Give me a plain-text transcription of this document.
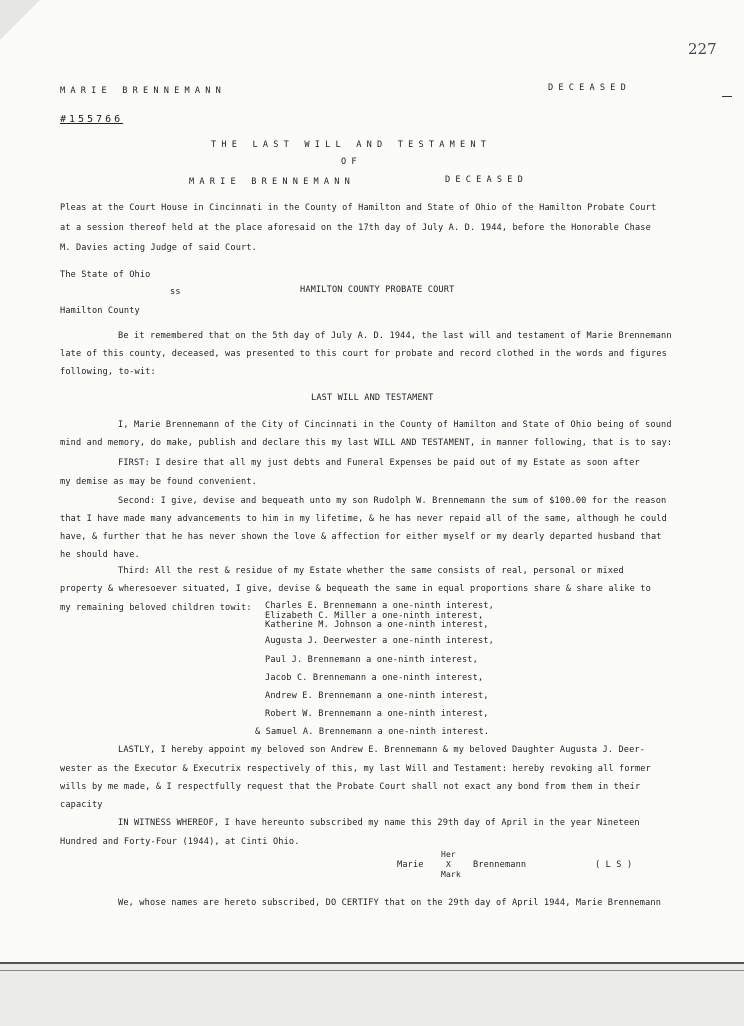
227
MARIE BRENNEMANN	DECEASED
#155766
THE LAST WILL AND TESTAMENT
OF
MARIE BRENNEMANN	DECEASED
Pleas at the Court House in Cincinnati in the County of Hamilton and State of Ohio of the Hamilton Probate Court
at a session thereof held at the place aforesaid on the 17th day of July A. D. 1944, before the Honorable Chase
M. Davies acting Judge of said Court.
The State of Ohio
ss	HAMILTON COUNTY PROBATE COURT
Hamilton County
Be it remembered that on the 5th day of July A. D. 1944, the last will and testament of Marie Brennemann
late of this county, deceased, was presented to this court for probate and record clothed in the words and figures
following, to-wit:
LAST WILL AND TESTAMENT
I, Marie Brennemann of the City of Cincinnati in the County of Hamilton and State of Ohio being of sound
mind and memory, do make, publish and declare this my last WILL AND TESTAMENT, in manner following, that is to say:
FIRST: I desire that all my just debts and Funeral Expenses be paid out of my Estate as soon after
my demise as may be found convenient.
Second: I give, devise and bequeath unto my son Rudolph W. Brennemann the sum of $100.00 for the reason
that I have made many advancements to him in my lifetime, & he has never repaid all of the same, although he could
have, & further that he has never shown the love & affection for either myself or my dearly departed husband that
he should have.
Third: All the rest & residue of my Estate whether the same consists of real, personal or mixed
property & wheresoever situated, I give, devise & bequeath the same in equal proportions share & share alike to
my remaining beloved children towit: Charles E. Brennemann a one-ninth interest,
Elizabeth C. Miller a one-ninth interest,
Katherine M. Johnson a one-ninth interest,
Augusta J. Deerwester a one-ninth interest,
Paul J. Brennemann a one-ninth interest,
Jacob C. Brennemann a one-ninth interest,
Andrew E. Brennemann a one-ninth interest,
Robert W. Brennemann a one-ninth interest,
& Samuel A. Brennemann a one-ninth interest.
LASTLY, I hereby appoint my beloved son Andrew E. Brennemann & my beloved Daughter Augusta J. Deer-
wester as the Executor & Executrix respectively of this, my last Will and Testament: hereby revoking all former
wills by me made, & I respectfully request that the Probate Court shall not exact any bond from them in their
capacity
IN WITNESS WHEREOF, I have hereunto subscribed my name this 29th day of April in the year Nineteen
Hundred and Forty-Four (1944), at Cinti Ohio.
Marie
Her
X
Mark
Brennemann	( L S )
We, whose names are hereto subscribed, DO CERTIFY that on the 29th day of April 1944, Marie Brennemann
